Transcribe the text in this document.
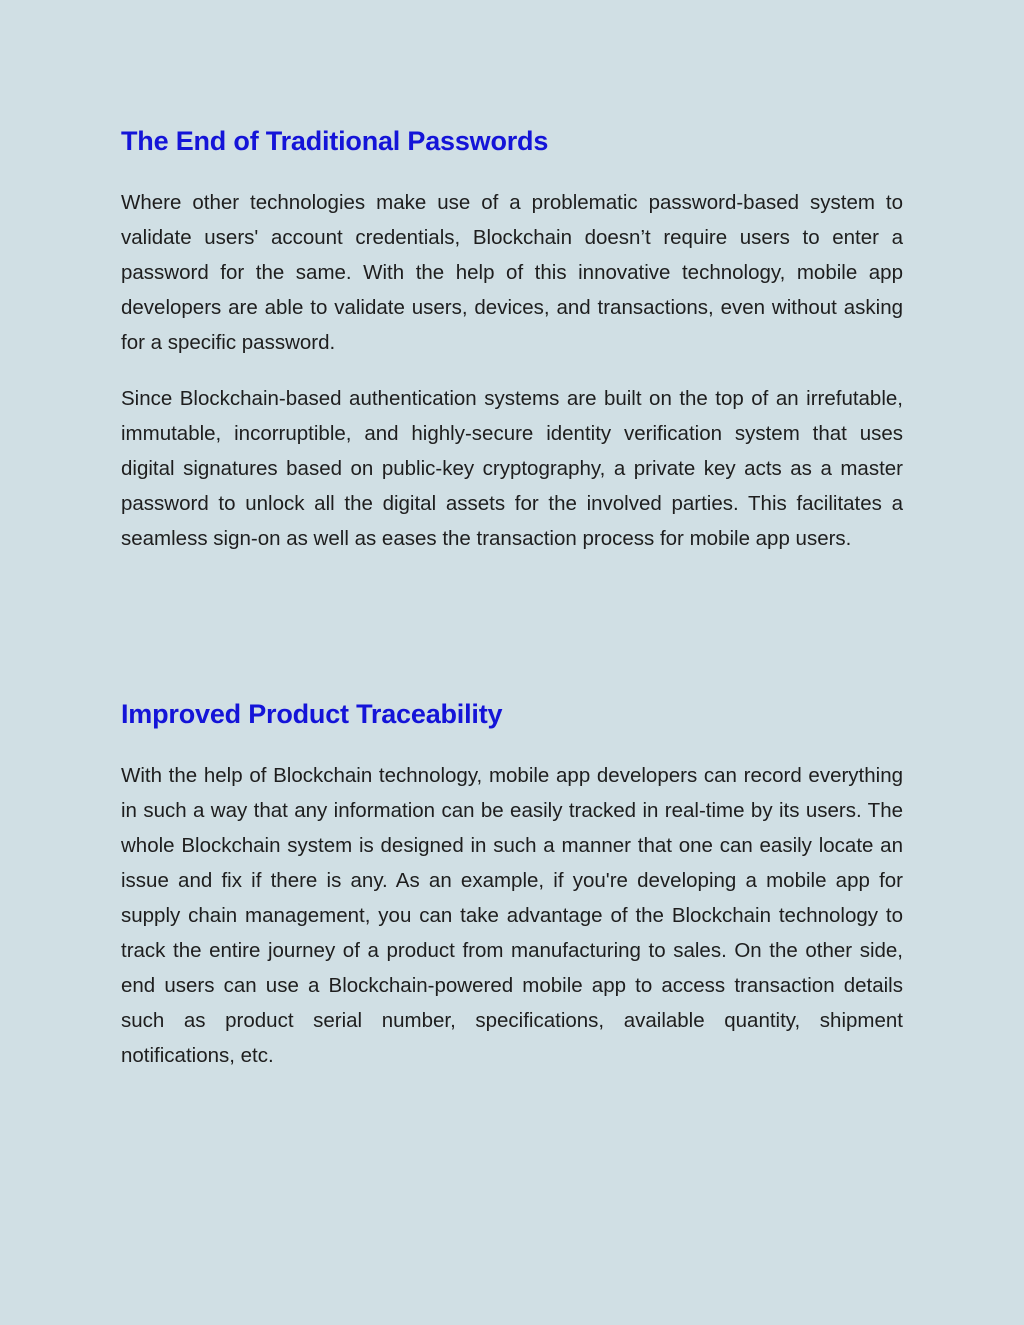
The End of Traditional Passwords

Where other technologies make use of a problematic password-based system to validate users' account credentials, Blockchain doesn’t require users to enter a password for the same. With the help of this innovative technology, mobile app developers are able to validate users, devices, and transactions, even without asking for a specific password.

Since Blockchain-based authentication systems are built on the top of an irrefutable, immutable, incorruptible, and highly-secure identity verification system that uses digital signatures based on public-key cryptography, a private key acts as a master password to unlock all the digital assets for the involved parties. This facilitates a seamless sign-on as well as eases the transaction process for mobile app users.

Improved Product Traceability

With the help of Blockchain technology, mobile app developers can record everything in such a way that any information can be easily tracked in real-time by its users. The whole Blockchain system is designed in such a manner that one can easily locate an issue and fix if there is any. As an example, if you're developing a mobile app for supply chain management, you can take advantage of the Blockchain technology to track the entire journey of a product from manufacturing to sales. On the other side, end users can use a Blockchain-powered mobile app to access transaction details such as product serial number, specifications, available quantity, shipment notifications, etc.
